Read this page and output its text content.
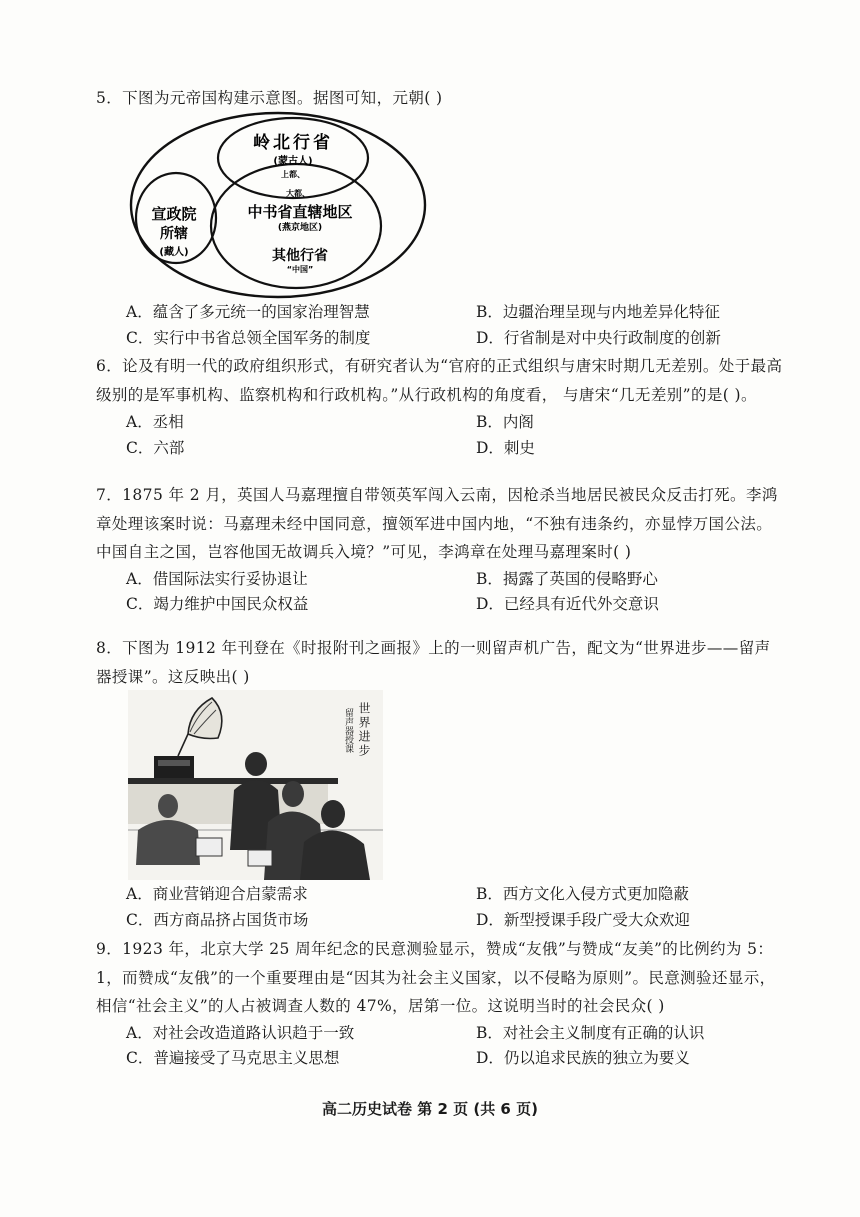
5．下图为元帝国构建示意图。据图可知，元朝( )

岭北行省
(蒙古人)
上都、
宣政院
所辖
(藏人)
大都、
中书省直辖地区
(燕京地区)
其他行省
“中国”
A．蕴含了多元统一的国家治理智慧	B．边疆治理呈现与内地差异化特征
C．实行中书省总领全国军务的制度	D．行省制是对中央行政制度的创新

6．论及有明一代的政府组织形式，有研究者认为“官府的正式组织与唐宋时期几无差别。处于最高级别的是军事机构、监察机构和行政机构。”从行政机构的角度看， 与唐宋“几无差别”的是( )。

A．丞相	B．内阁
C．六部	D．刺史

7．1875 年 2 月，英国人马嘉理擅自带领英军闯入云南，因枪杀当地居民被民众反击打死。李鸿章处理该案时说：马嘉理未经中国同意，擅领军进中国内地，“不独有违条约，亦显悖万国公法。中国自主之国，岂容他国无故调兵入境？”可见，李鸿章在处理马嘉理案时( )

A．借国际法实行妥协退让	B．揭露了英国的侵略野心
C．竭力维护中国民众权益	D．已经具有近代外交意识

8．下图为 1912 年刊登在《时报附刊之画报》上的一则留声机广告，配文为“世界进步——留声器授课”。这反映出( )

世界进步
留声器授课
A．商业营销迎合启蒙需求	B．西方文化入侵方式更加隐蔽
C．西方商品挤占国货市场	D．新型授课手段广受大众欢迎

9．1923 年，北京大学 25 周年纪念的民意测验显示，赞成“友俄”与赞成“友美”的比例约为 5：1，而赞成“友俄”的一个重要理由是“因其为社会主义国家，以不侵略为原则”。民意测验还显示，相信“社会主义”的人占被调查人数的 47%，居第一位。这说明当时的社会民众( )

A．对社会改造道路认识趋于一致	B．对社会主义制度有正确的认识
C．普遍接受了马克思主义思想	D．仍以追求民族的独立为要义
高二历史试卷 第 2 页 (共 6 页)
